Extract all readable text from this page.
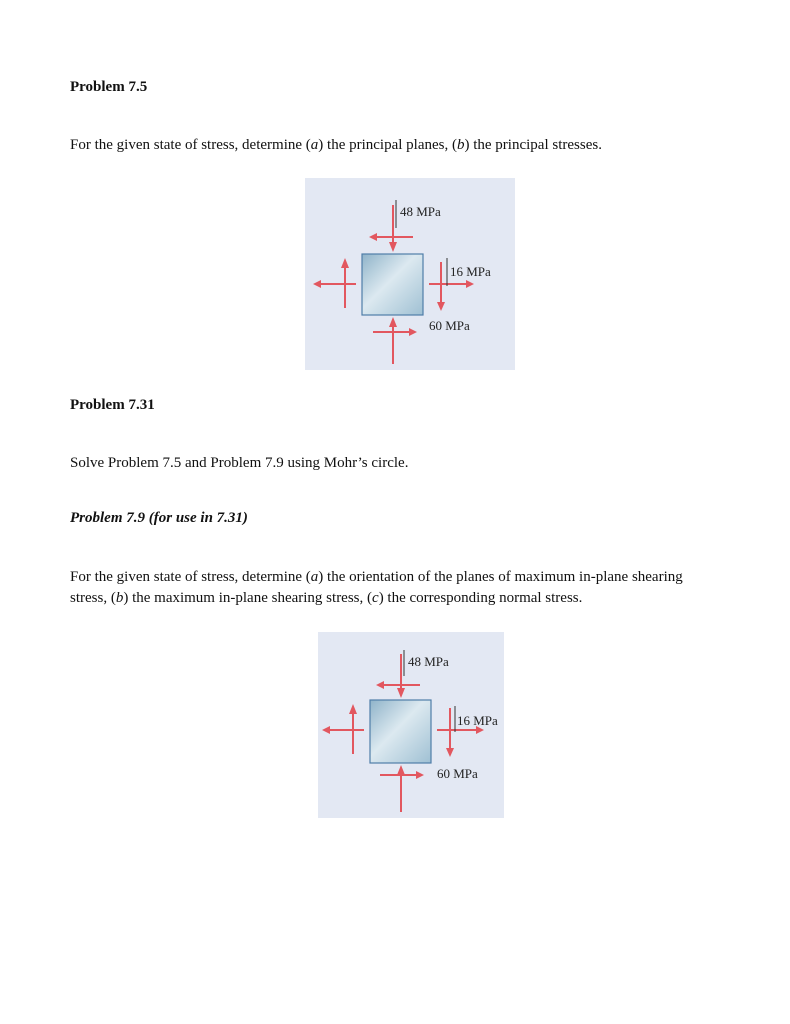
Problem 7.5
For the given state of stress, determine (a) the principal planes, (b) the principal stresses.
48 MPa
16 MPa
60 MPa
Problem 7.31
Solve Problem 7.5 and Problem 7.9 using Mohr’s circle.
Problem 7.9 (for use in 7.31)
For the given state of stress, determine (a) the orientation of the planes of maximum in-plane shearing
stress, (b) the maximum in-plane shearing stress, (c) the corresponding normal stress.
48 MPa
16 MPa
60 MPa
